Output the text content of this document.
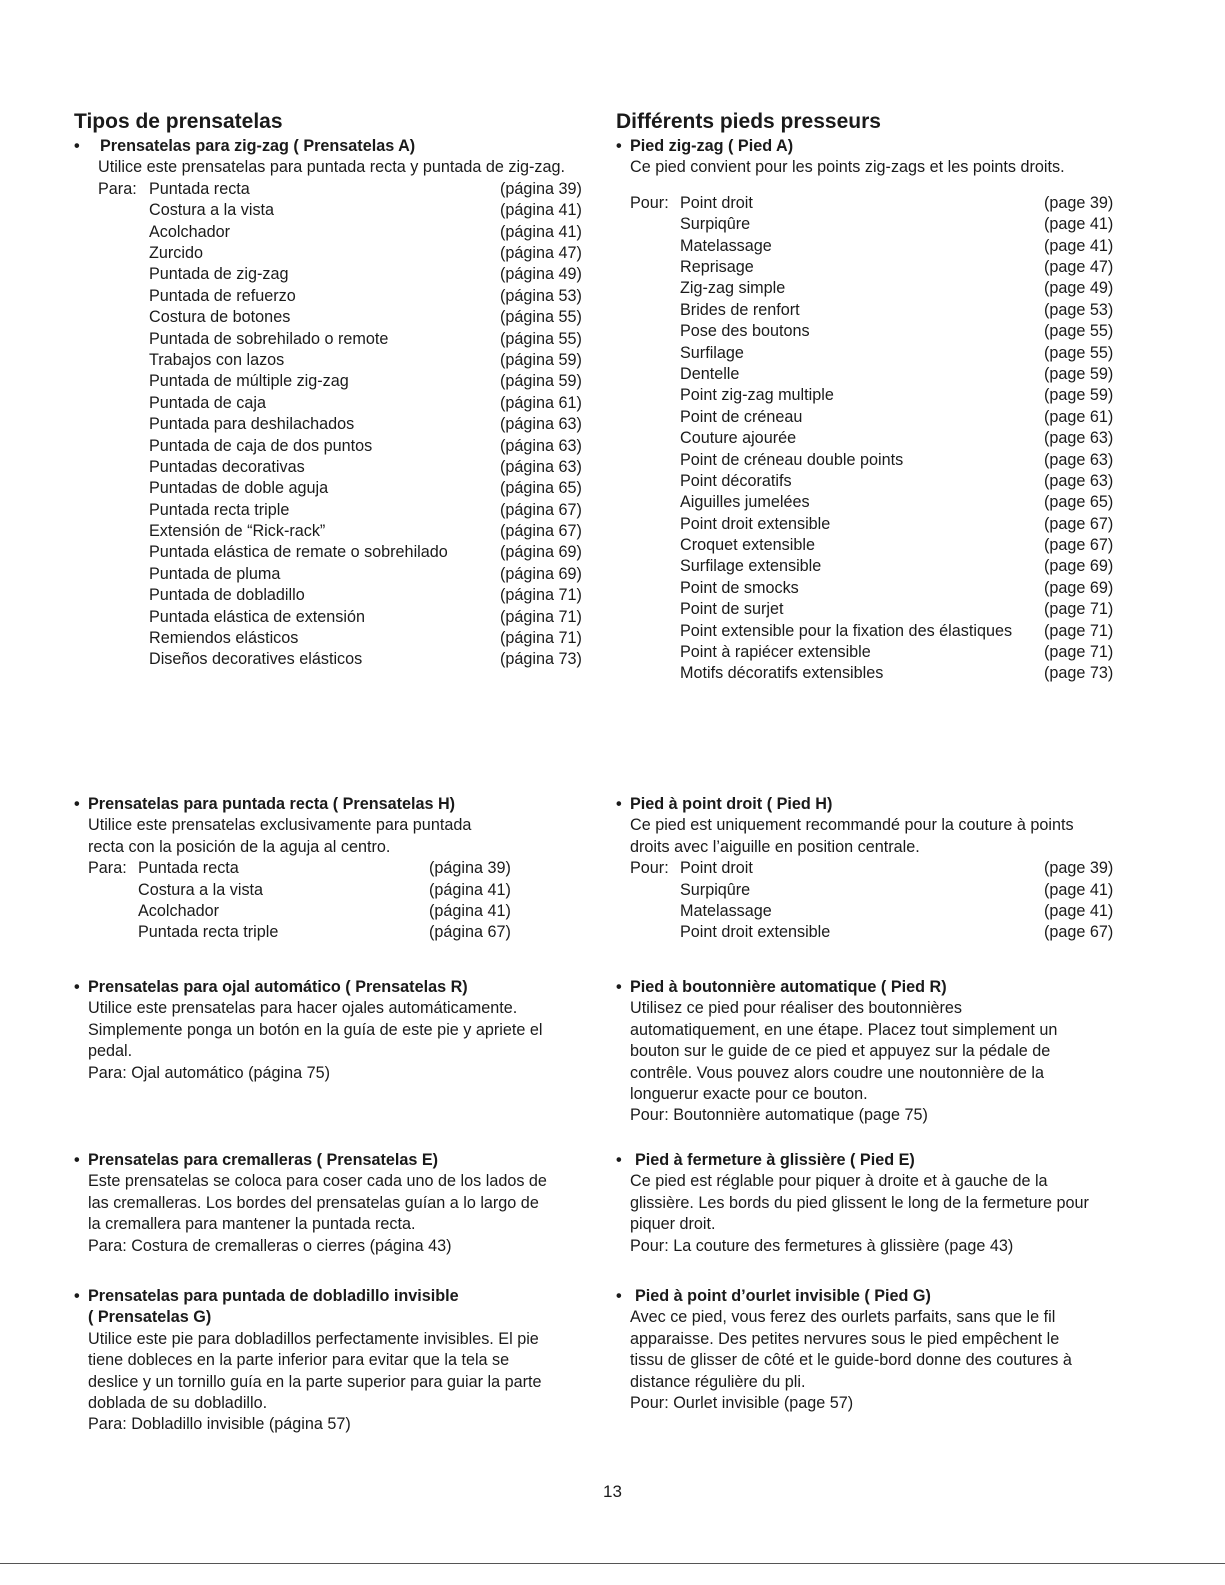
Tipos de prensatelas
• Prensatelas para zig-zag ( Prensatelas A)

Utilice este prensatelas para puntada recta y puntada de zig-zag.

Para: Puntada recta	(página 39)
Costura a la vista	(página 41)
Acolchador	(página 41)
Zurcido	(página 47)
Puntada de zig-zag	(página 49)
Puntada de refuerzo	(página 53)
Costura de botones	(página 55)
Puntada de sobrehilado o remote	(página 55)
Trabajos con lazos	(página 59)
Puntada de múltiple zig-zag	(página 59)
Puntada de caja	(página 61)
Puntada para deshilachados	(página 63)
Puntada de caja de dos puntos	(página 63)
Puntadas decorativas	(página 63)
Puntadas de doble aguja	(página 65)
Puntada recta triple	(página 67)
Extensión de “Rick-rack”	(página 67)
Puntada elástica de remate o sobrehilado	(página 69)
Puntada de pluma	(página 69)
Puntada de dobladillo	(página 71)
Puntada elástica de extensión	(página 71)
Remiendos elásticos	(página 71)
Diseños decoratives elásticos	(página 73)
• Prensatelas para puntada recta ( Prensatelas H)
Utilice este prensatelas exclusivamente para puntada
recta con la posición de la aguja al centro.
Para: Puntada recta	(página 39)
Costura a la vista	(página 41)
Acolchador	(página 41)
Puntada recta triple	(página 67)
• Prensatelas para ojal automático ( Prensatelas R)
Utilice este prensatelas para hacer ojales automáticamente.
Simplemente ponga un botón en la guía de este pie y apriete el
pedal.
Para: Ojal automático (página 75)
• Prensatelas para cremalleras ( Prensatelas E)
Este prensatelas se coloca para coser cada uno de los lados de
las cremalleras. Los bordes del prensatelas guían a lo largo de
la cremallera para mantener la puntada recta.
Para: Costura de cremalleras o cierres (página 43)
• Prensatelas para puntada de dobladillo invisible
( Prensatelas G)
Utilice este pie para dobladillos perfectamente invisibles. El pie
tiene dobleces en la parte inferior para evitar que la tela se
deslice y un tornillo guía en la parte superior para guiar la parte
doblada de su dobladillo.
Para: Dobladillo invisible (página 57)
Différents pieds presseurs
• Pied zig-zag ( Pied A)

Ce pied convient pour les points zig-zags et les points droits.

Pour: Point droit	(page 39)
Surpiqûre	(page 41)
Matelassage	(page 41)
Reprisage	(page 47)
Zig-zag simple	(page 49)
Brides de renfort	(page 53)
Pose des boutons	(page 55)
Surfilage	(page 55)
Dentelle	(page 59)
Point zig-zag multiple	(page 59)
Point de créneau	(page 61)
Couture ajourée	(page 63)
Point de créneau double points	(page 63)
Point décoratifs	(page 63)
Aiguilles jumelées	(page 65)
Point droit extensible	(page 67)
Croquet extensible	(page 67)
Surfilage extensible	(page 69)
Point de smocks	(page 69)
Point de surjet	(page 71)
Point extensible pour la fixation des élastiques (page 71)
Point à rapiécer extensible	(page 71)
Motifs décoratifs extensibles	(page 73)
• Pied à point droit ( Pied H)
Ce pied est uniquement recommandé pour la couture à points
droits avec l’aiguille en position centrale.
Pour: Point droit	(page 39)
Surpiqûre	(page 41)
Matelassage	(page 41)
Point droit extensible	(page 67)
• Pied à boutonnière automatique ( Pied R)
Utilisez ce pied pour réaliser des boutonnières
automatiquement, en une étape. Placez tout simplement un
bouton sur le guide de ce pied et appuyez sur la pédale de
contrêle. Vous pouvez alors coudre une noutonnière de la
longuerur exacte pour ce bouton.
Pour: Boutonnière automatique (page 75)
• Pied à fermeture à glissière ( Pied E)
Ce pied est réglable pour piquer à droite et à gauche de la
glissière. Les bords du pied glissent le long de la fermeture pour
piquer droit.
Pour: La couture des fermetures à glissière (page 43)
• Pied à point d’ourlet invisible ( Pied G)
Avec ce pied, vous ferez des ourlets parfaits, sans que le fil
apparaisse. Des petites nervures sous le pied empêchent le
tissu de glisser de côté et le guide-bord donne des coutures à
distance régulière du pli.
Pour: Ourlet invisible (page 57)
13
